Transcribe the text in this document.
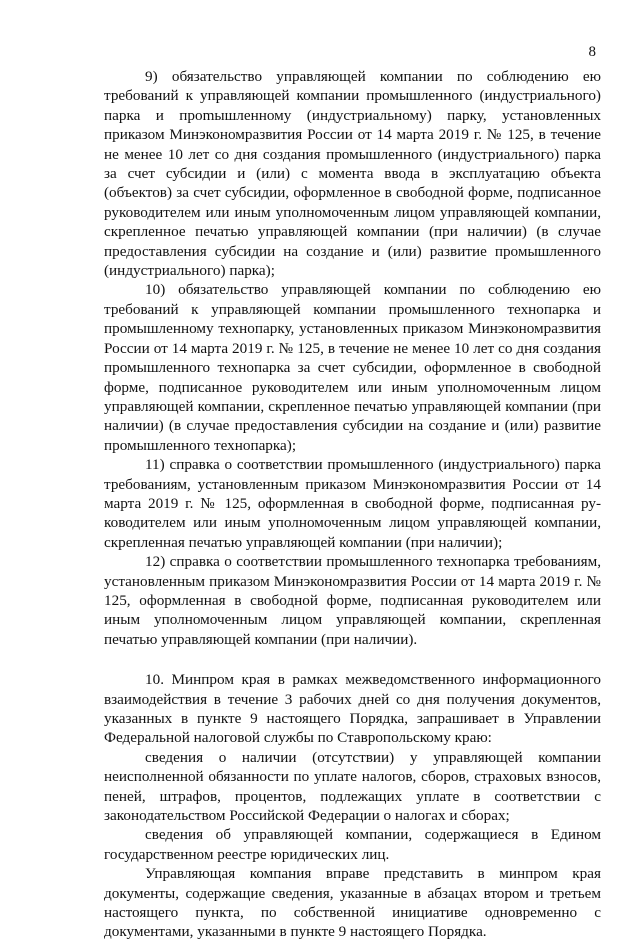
8

9) обязательство управляющей компании по соблюдению ею требований к управляющей компании промышленного (индустриального) парка и проmышленному (индустриальному) парку, установленных приказом Минэкономразвития России от 14 марта 2019 г. № 125, в течение не менее 10 лет со дня создания промышленного (индустриального) парка за счет субсидии и (или) с момента ввода в эксплуатацию объекта (объектов) за счет субсидии, оформленное в свободной форме, подписанное руководителем или иным уполномоченным лицом управляющей компании, скрепленное печатью управляющей компании (при наличии) (в случае предоставления субсидии на создание и (или) развитие промышленного (индустриального) парка);

10) обязательство управляющей компании по соблюдению ею требований к управляющей компании промышленного технопарка и промышленному технопарку, установленных приказом Минэкономразвития России от 14 марта 2019 г. № 125, в течение не менее 10 лет со дня создания промышленного технопарка за счет субсидии, оформленное в свободной форме, подписанное руководителем или иным уполномоченным лицом управляющей компании, скрепленное печатью управляющей компании (при наличии) (в случае предоставления субсидии на создание и (или) развитие промышленного технопарка);

11) справка о соответствии промышленного (индустриального) парка требованиям, установленным приказом Минэкономразвития России от 14 марта 2019 г. № 125, оформленная в свободной форме, подписанная руководителем или иным уполномоченным лицом управляющей компании, скрепленная печатью управляющей компании (при наличии);

12) справка о соответствии промышленного технопарка требованиям, установленным приказом Минэкономразвития России от 14 марта 2019 г. № 125, оформленная в свободной форме, подписанная руководителем или иным уполномоченным лицом управляющей компании, скрепленная печатью управляющей компании (при наличии).

10. Минпром края в рамках межведомственного информационного взаимодействия в течение 3 рабочих дней со дня получения документов, указанных в пункте 9 настоящего Порядка, запрашивает в Управлении Федеральной налоговой службы по Ставропольскому краю:

сведения о наличии (отсутствии) у управляющей компании неисполненной обязанности по уплате налогов, сборов, страховых взносов, пеней, штрафов, процентов, подлежащих уплате в соответствии с законодательством Российской Федерации о налогах и сборах;

сведения об управляющей компании, содержащиеся в Едином государственном реестре юридических лиц.

Управляющая компания вправе представить в минпром края документы, содержащие сведения, указанные в абзацах втором и третьем настоящего пункта, по собственной инициативе одновременно с документами, указанными в пункте 9 настоящего Порядка.
